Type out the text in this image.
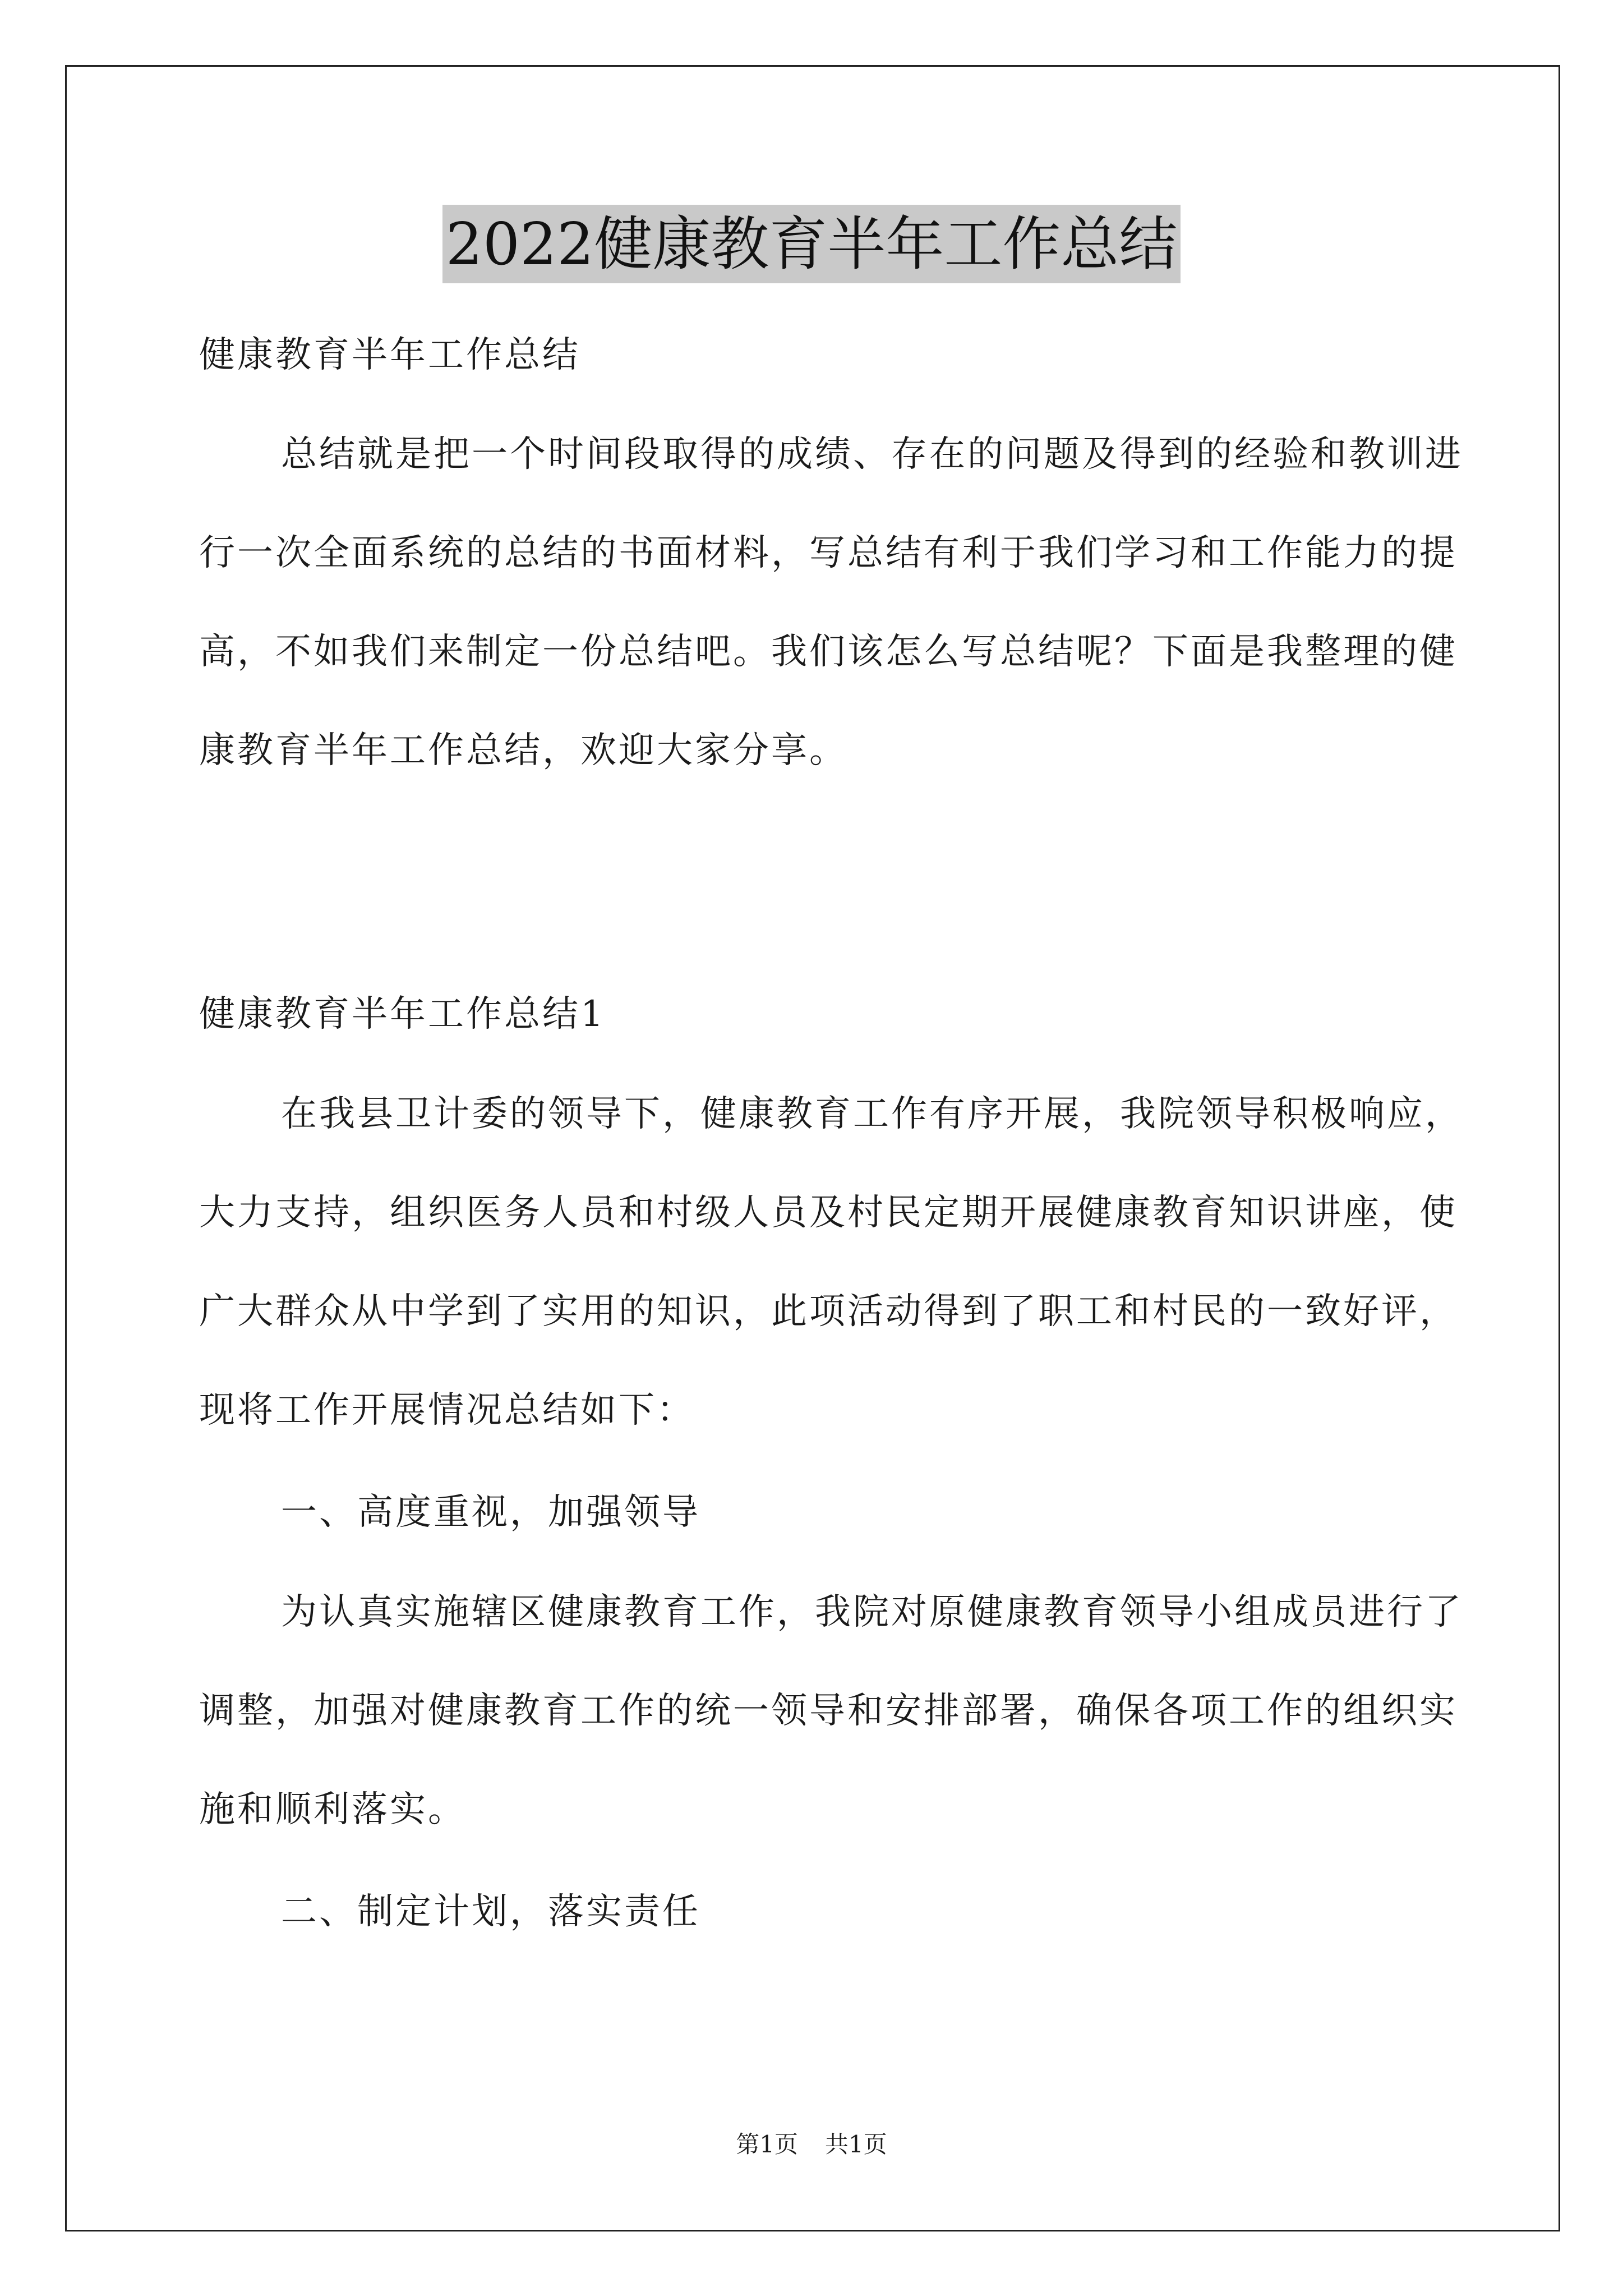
2022健康教育半年工作总结

健康教育半年工作总结

总结就是把一个时间段取得的成绩、存在的问题及得到的经验和教训进行一次全面系统的总结的书面材料，写总结有利于我们学习和工作能力的提高，不如我们来制定一份总结吧。我们该怎么写总结呢？下面是我整理的健康教育半年工作总结，欢迎大家分享。

健康教育半年工作总结1

在我县卫计委的领导下，健康教育工作有序开展，我院领导积极响应，大力支持，组织医务人员和村级人员及村民定期开展健康教育知识讲座，使广大群众从中学到了实用的知识，此项活动得到了职工和村民的一致好评，现将工作开展情况总结如下：

一、高度重视，加强领导

为认真实施辖区健康教育工作，我院对原健康教育领导小组成员进行了调整，加强对健康教育工作的统一领导和安排部署，确保各项工作的组织实施和顺利落实。

二、制定计划，落实责任

第1页 共1页
